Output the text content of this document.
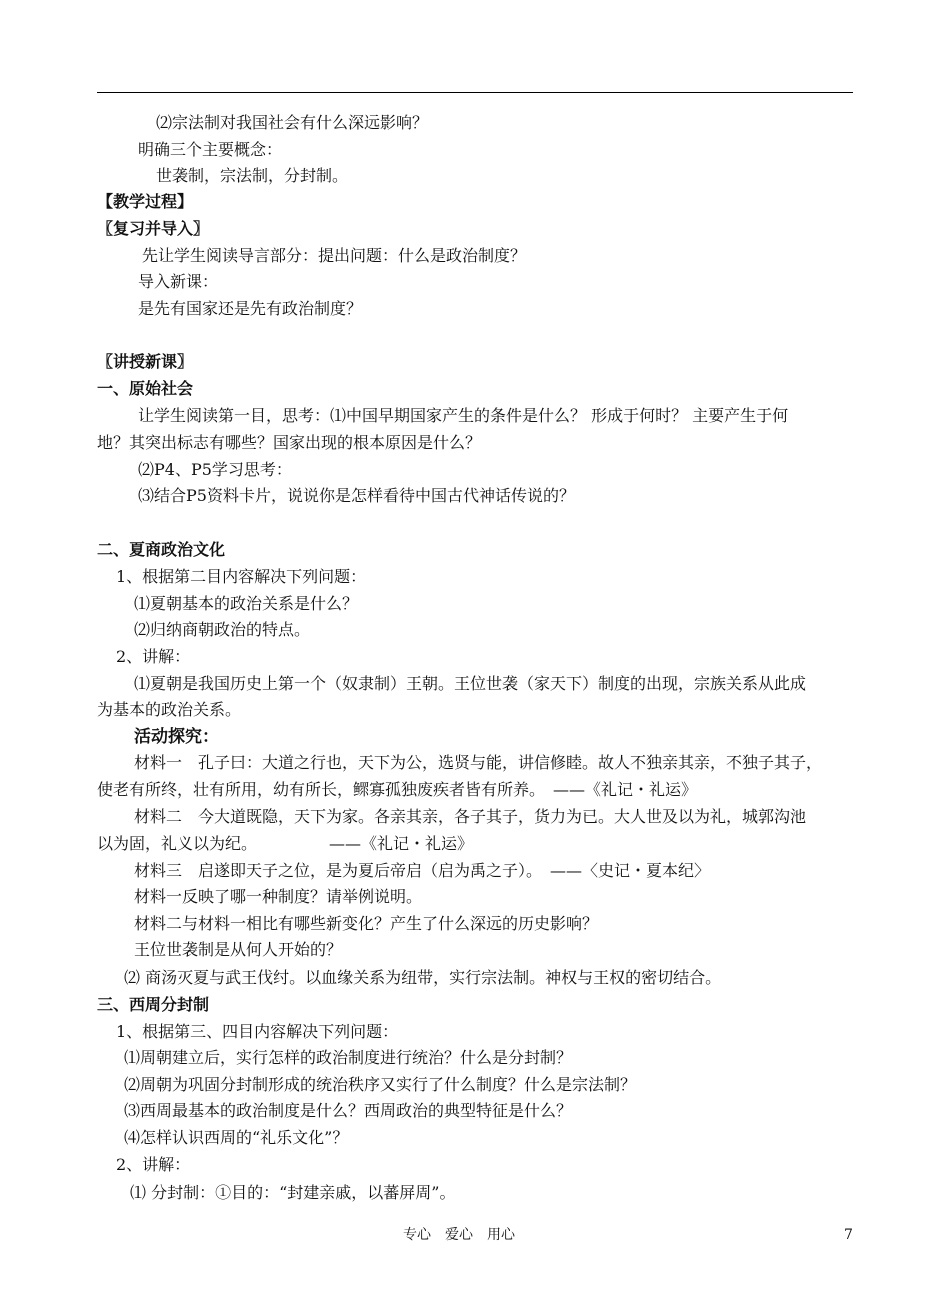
⑵宗法制对我国社会有什么深远影响？
明确三个主要概念：
世袭制，宗法制，分封制。
【教学过程】
〖复习并导入〗
先让学生阅读导言部分：提出问题：什么是政治制度？
导入新课：
是先有国家还是先有政治制度？
〖讲授新课〗
一、原始社会
让学生阅读第一目，思考：⑴中国早期国家产生的条件是什么？ 形成于何时？ 主要产生于何
地？其突出标志有哪些？国家出现的根本原因是什么？
⑵P4、P5学习思考：
⑶结合P5资料卡片，说说你是怎样看待中国古代神话传说的？
二、夏商政治文化
1、根据第二目内容解决下列问题：
⑴夏朝基本的政治关系是什么？
⑵归纳商朝政治的特点。
2、讲解：
⑴夏朝是我国历史上第一个（奴隶制）王朝。王位世袭（家天下）制度的出现，宗族关系从此成
为基本的政治关系。
活动探究：
材料一　孔子曰：大道之行也，天下为公，选贤与能，讲信修睦。故人不独亲其亲，不独子其子，
使老有所终，壮有所用，幼有所长，鳏寡孤独废疾者皆有所养。　——《礼记・礼运》
材料二　今大道既隐，天下为家。各亲其亲，各子其子，货力为已。大人世及以为礼，城郭沟池
以为固，礼义以为纪。　　　　　——《礼记・礼运》
材料三　启遂即天子之位，是为夏后帝启（启为禹之子）。　——〈史记・夏本纪〉
材料一反映了哪一种制度？请举例说明。
材料二与材料一相比有哪些新变化？产生了什么深远的历史影响？
王位世袭制是从何人开始的？
⑵ 商汤灭夏与武王伐纣。以血缘关系为纽带，实行宗法制。神权与王权的密切结合。
三、西周分封制
1、根据第三、四目内容解决下列问题：
⑴周朝建立后，实行怎样的政治制度进行统治？什么是分封制？
⑵周朝为巩固分封制形成的统治秩序又实行了什么制度？什么是宗法制？
⑶西周最基本的政治制度是什么？西周政治的典型特征是什么？
⑷怎样认识西周的“礼乐文化”？
2、讲解：
⑴ 分封制：①目的：“封建亲戚，以蕃屏周”。
专心　爱心　用心	7
